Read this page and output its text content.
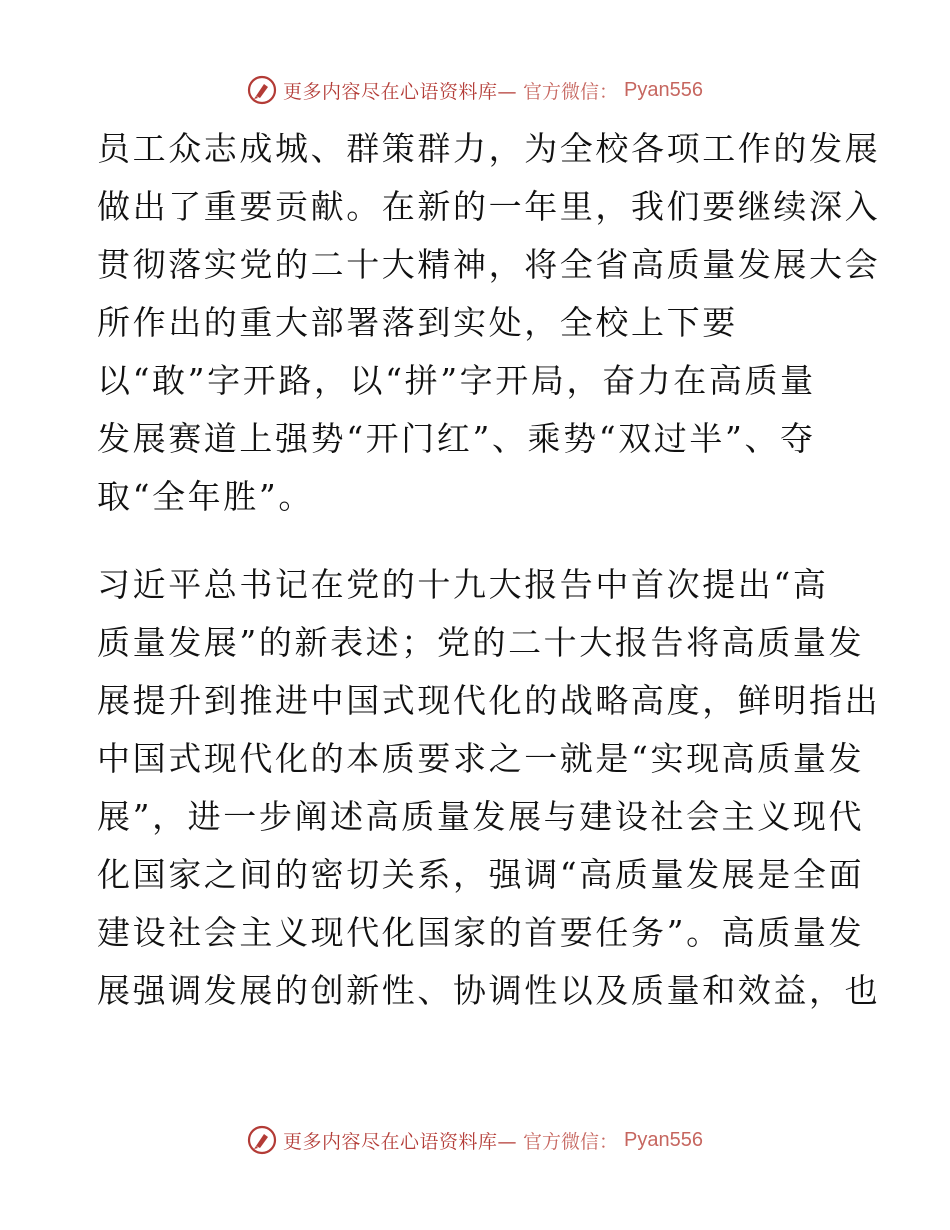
更多内容尽在心语资料库— 官方微信： Pyan556
员工众志成城、群策群力，为全校各项工作的发展
做出了重要贡献。在新的一年里，我们要继续深入
贯彻落实党的二十大精神，将全省高质量发展大会
所作出的重大部署落到实处，全校上下要
以“敢”字开路，以“拼”字开局，奋力在高质量
发展赛道上强势“开门红”、乘势“双过半”、夺
取“全年胜”。
习近平总书记在党的十九大报告中首次提出“高
质量发展”的新表述；党的二十大报告将高质量发
展提升到推进中国式现代化的战略高度，鲜明指出
中国式现代化的本质要求之一就是“实现高质量发
展”，进一步阐述高质量发展与建设社会主义现代
化国家之间的密切关系，强调“高质量发展是全面
建设社会主义现代化国家的首要任务”。高质量发
展强调发展的创新性、协调性以及质量和效益，也
更多内容尽在心语资料库— 官方微信： Pyan556
